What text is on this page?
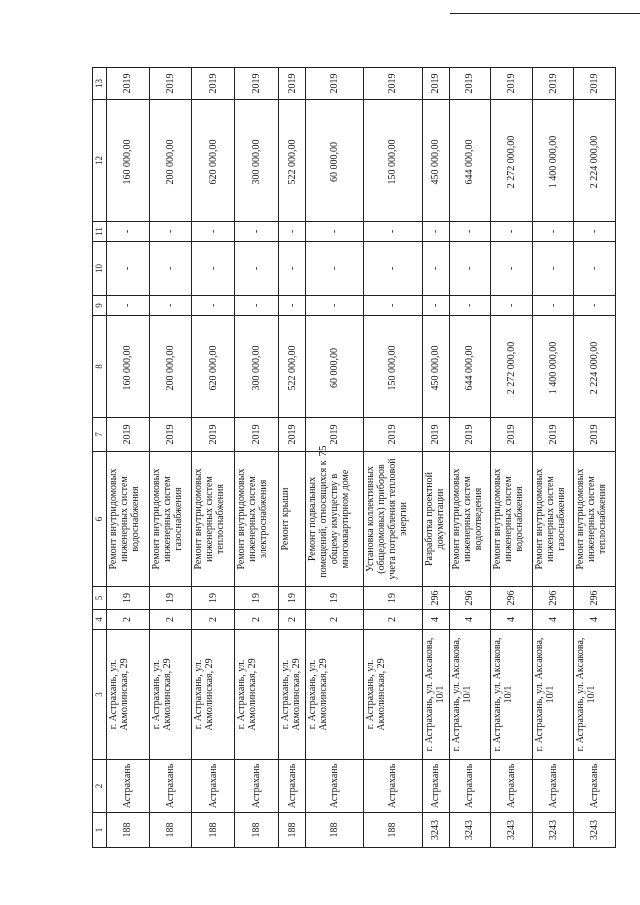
75
1	2	3	4	5	6	7	8	9	10	11	12	13
188	Астрахань	г. Астрахань, ул. Акмолинская, 29	2	19	Ремонт внутридомовых инженерных систем водоснабжения	2019	160 000,00	-	-	-	160 000,00	2019
188	Астрахань	г. Астрахань, ул. Акмолинская, 29	2	19	Ремонт внутридомовых инженерных систем газоснабжения	2019	200 000,00	-	-	-	200 000,00	2019
188	Астрахань	г. Астрахань, ул. Акмолинская, 29	2	19	Ремонт внутридомовых инженерных систем теплоснабжения	2019	620 000,00	-	-	-	620 000,00	2019
188	Астрахань	г. Астрахань, ул. Акмолинская, 29	2	19	Ремонт внутридомовых инженерных систем электроснабжения	2019	300 000,00	-	-	-	300 000,00	2019
188	Астрахань	г. Астрахань, ул. Акмолинская, 29	2	19	Ремонт крыши	2019	522 000,00	-	-	-	522 000,00	2019
188	Астрахань	г. Астрахань, ул. Акмолинская, 29	2	19	Ремонт подвальных помещений, относящихся к общему имуществу в многоквартирном доме	2019	60 000,00	-	-	-	60 000,00	2019
188	Астрахань	г. Астрахань, ул. Акмолинская, 29	2	19	Установка коллективных (общедомовых) приборов учета потребления тепловой энергии	2019	150 000,00	-	-	-	150 000,00	2019
3243	Астрахань	г. Астрахань, ул. Аксакова, 10/1	4	296	Разработка проектной документации	2019	450 000,00	-	-	-	450 000,00	2019
3243	Астрахань	г. Астрахань, ул. Аксакова, 10/1	4	296	Ремонт внутридомовых инженерных систем водоотведения	2019	644 000,00	-	-	-	644 000,00	2019
3243	Астрахань	г. Астрахань, ул. Аксакова, 10/1	4	296	Ремонт внутридомовых инженерных систем водоснабжения	2019	2 272 000,00	-	-	-	2 272 000,00	2019
3243	Астрахань	г. Астрахань, ул. Аксакова, 10/1	4	296	Ремонт внутридомовых инженерных систем газоснабжения	2019	1 400 000,00	-	-	-	1 400 000,00	2019
3243	Астрахань	г. Астрахань, ул. Аксакова, 10/1	4	296	Ремонт внутридомовых инженерных систем теплоснабжения	2019	2 224 000,00	-	-	-	2 224 000,00	2019
